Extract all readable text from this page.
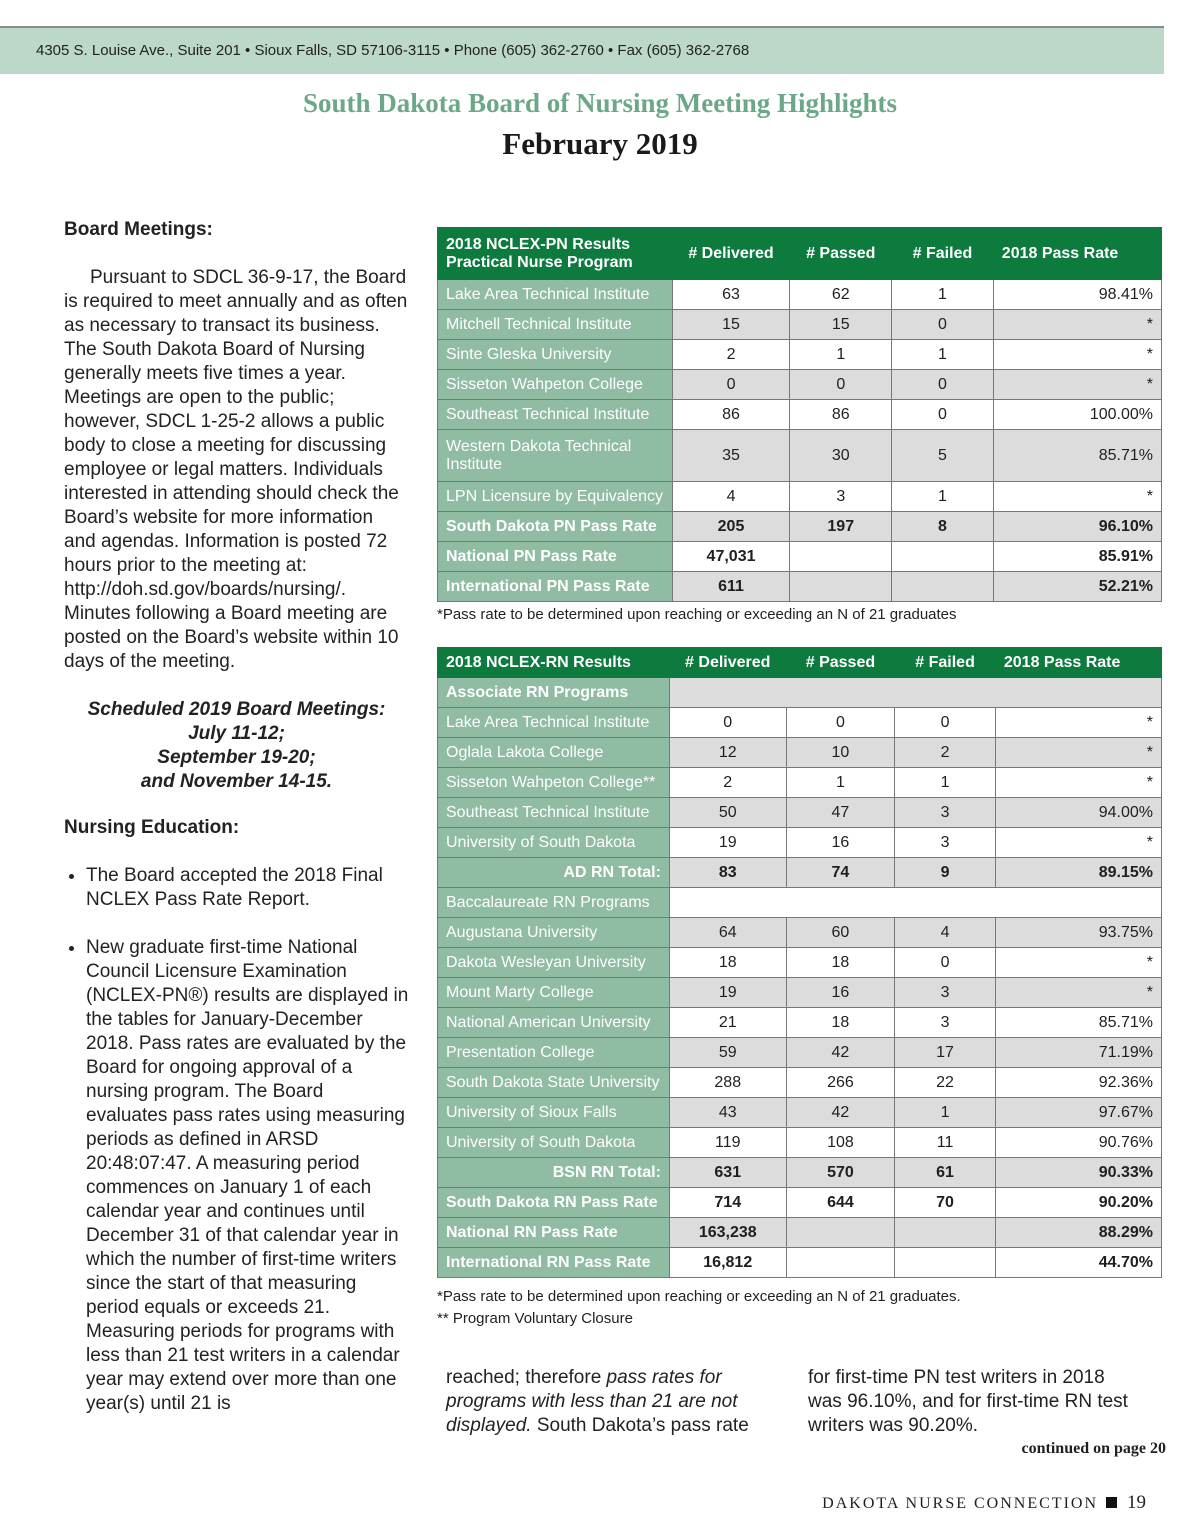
4305 S. Louise Ave., Suite 201 • Sioux Falls, SD 57106-3115 • Phone (605) 362-2760 • Fax (605) 362-2768
South Dakota Board of Nursing Meeting Highlights
February 2019
Board Meetings:

Pursuant to SDCL 36-9-17, the Board is required to meet annually and as often as necessary to transact its business. The South Dakota Board of Nursing generally meets five times a year. Meetings are open to the public; however, SDCL 1-25-2 allows a public body to close a meeting for discussing employee or legal matters. Individuals interested in attending should check the Board’s website for more information and agendas. Information is posted 72 hours prior to the meeting at: http://doh.sd.gov/boards/nursing/. Minutes following a Board meeting are posted on the Board’s website within 10 days of the meeting.

Scheduled 2019 Board Meetings:

July 11-12;

September 19-20;

and November 14-15.

Nursing Education:
• The Board accepted the 2018 Final NCLEX Pass Rate Report.
• New graduate first-time National Council Licensure Examination (NCLEX-PN®) results are displayed in the tables for January-December 2018. Pass rates are evaluated by the Board for ongoing approval of a nursing program. The Board evaluates pass rates using measuring periods as defined in ARSD 20:48:07:47. A measuring period commences on January 1 of each calendar year and continues until December 31 of that calendar year in which the number of first-time writers since the start of that measuring period equals or exceeds 21. Measuring periods for programs with less than 21 test writers in a calendar year may extend over more than one year(s) until 21 is
2018 NCLEX-PN Results
Practical Nurse Program	# Delivered	# Passed	# Failed	2018 Pass Rate
Lake Area Technical Institute	63	62	1	98.41%
Mitchell Technical Institute	15	15	0	*
Sinte Gleska University	2	1	1	*
Sisseton Wahpeton College	0	0	0	*
Southeast Technical Institute	86	86	0	100.00%
Western Dakota Technical Institute	35	30	5	85.71%
LPN Licensure by Equivalency	4	3	1	*
South Dakota PN Pass Rate	205	197	8	96.10%
National PN Pass Rate	47,031			85.91%
International PN Pass Rate	611			52.21%
*Pass rate to be determined upon reaching or exceeding an N of 21 graduates
2018 NCLEX-RN Results	# Delivered	# Passed	# Failed	2018 Pass Rate
Associate RN Programs				
Lake Area Technical Institute	0	0	0	*
Oglala Lakota College	12	10	2	*
Sisseton Wahpeton College**	2	1	1	*
Southeast Technical Institute	50	47	3	94.00%
University of South Dakota	19	16	3	*
AD RN Total:	83	74	9	89.15%
Baccalaureate RN Programs				
Augustana University	64	60	4	93.75%
Dakota Wesleyan University	18	18	0	*
Mount Marty College	19	16	3	*
National American University	21	18	3	85.71%
Presentation College	59	42	17	71.19%
South Dakota State University	288	266	22	92.36%
University of Sioux Falls	43	42	1	97.67%
University of South Dakota	119	108	11	90.76%
BSN RN Total:	631	570	61	90.33%
South Dakota RN Pass Rate	714	644	70	90.20%
National RN Pass Rate	163,238			88.29%
International RN Pass Rate	16,812			44.70%
*Pass rate to be determined upon reaching or exceeding an N of 21 graduates.
** Program Voluntary Closure
reached; therefore pass rates for programs with less than 21 are not displayed. South Dakota’s pass rate
for first-time PN test writers in 2018 was 96.10%, and for first-time RN test writers was 90.20%.
continued on page 20
DAKOTA NURSE CONNECTION 19
